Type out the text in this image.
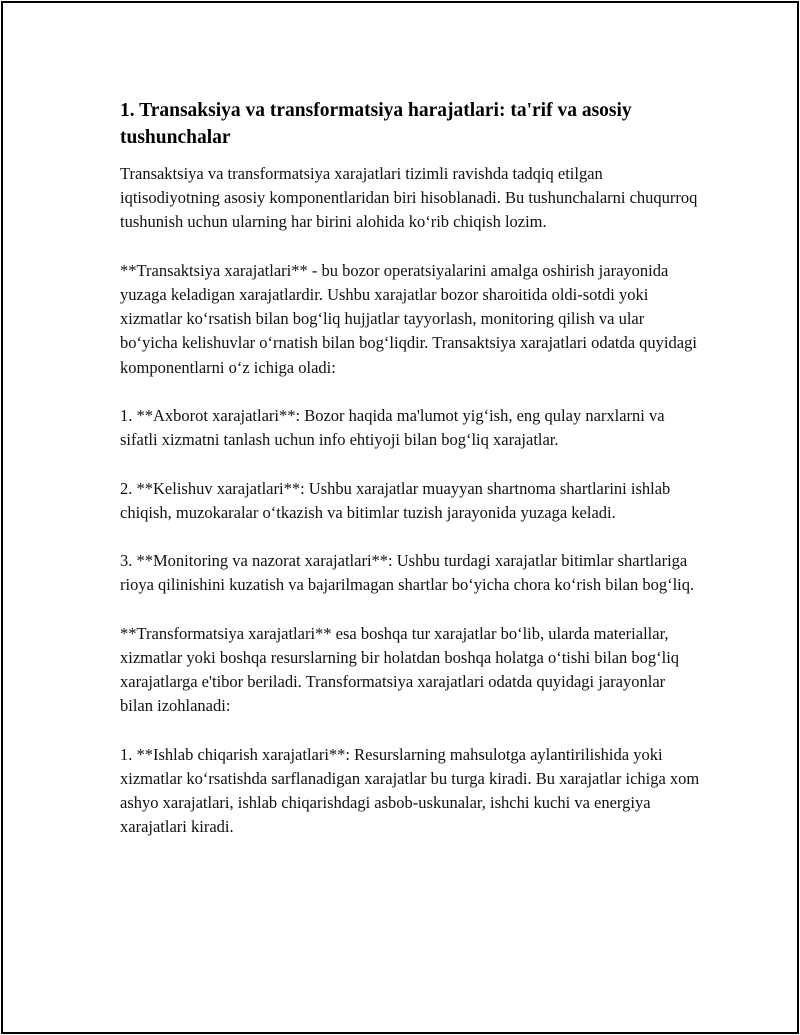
1. Transaksiya va transformatsiya harajatlari: ta'rif va asosiy tushunchalar

Transaktsiya va transformatsiya xarajatlari tizimli ravishda tadqiq etilgan iqtisodiyotning asosiy komponentlaridan biri hisoblanadi. Bu tushunchalarni chuqurroq tushunish uchun ularning har birini alohida ko‘rib chiqish lozim.

**Transaktsiya xarajatlari** - bu bozor operatsiyalarini amalga oshirish jarayonida yuzaga keladigan xarajatlardir. Ushbu xarajatlar bozor sharoitida oldi-sotdi yoki xizmatlar ko‘rsatish bilan bog‘liq hujjatlar tayyorlash, monitoring qilish va ular bo‘yicha kelishuvlar o‘rnatish bilan bog‘liqdir. Transaktsiya xarajatlari odatda quyidagi komponentlarni o‘z ichiga oladi:

1. **Axborot xarajatlari**: Bozor haqida ma'lumot yig‘ish, eng qulay narxlarni va sifatli xizmatni tanlash uchun info ehtiyoji bilan bog‘liq xarajatlar.

2. **Kelishuv xarajatlari**: Ushbu xarajatlar muayyan shartnoma shartlarini ishlab chiqish, muzokaralar o‘tkazish va bitimlar tuzish jarayonida yuzaga keladi.

3. **Monitoring va nazorat xarajatlari**: Ushbu turdagi xarajatlar bitimlar shartlariga rioya qilinishini kuzatish va bajarilmagan shartlar bo‘yicha chora ko‘rish bilan bog‘liq.

**Transformatsiya xarajatlari** esa boshqa tur xarajatlar bo‘lib, ularda materiallar, xizmatlar yoki boshqa resurslarning bir holatdan boshqa holatga o‘tishi bilan bog‘liq xarajatlarga e'tibor beriladi. Transformatsiya xarajatlari odatda quyidagi jarayonlar bilan izohlanadi:

1. **Ishlab chiqarish xarajatlari**: Resurslarning mahsulotga aylantirilishida yoki xizmatlar ko‘rsatishda sarflanadigan xarajatlar bu turga kiradi. Bu xarajatlar ichiga xom ashyo xarajatlari, ishlab chiqarishdagi asbob-uskunalar, ishchi kuchi va energiya xarajatlari kiradi.
